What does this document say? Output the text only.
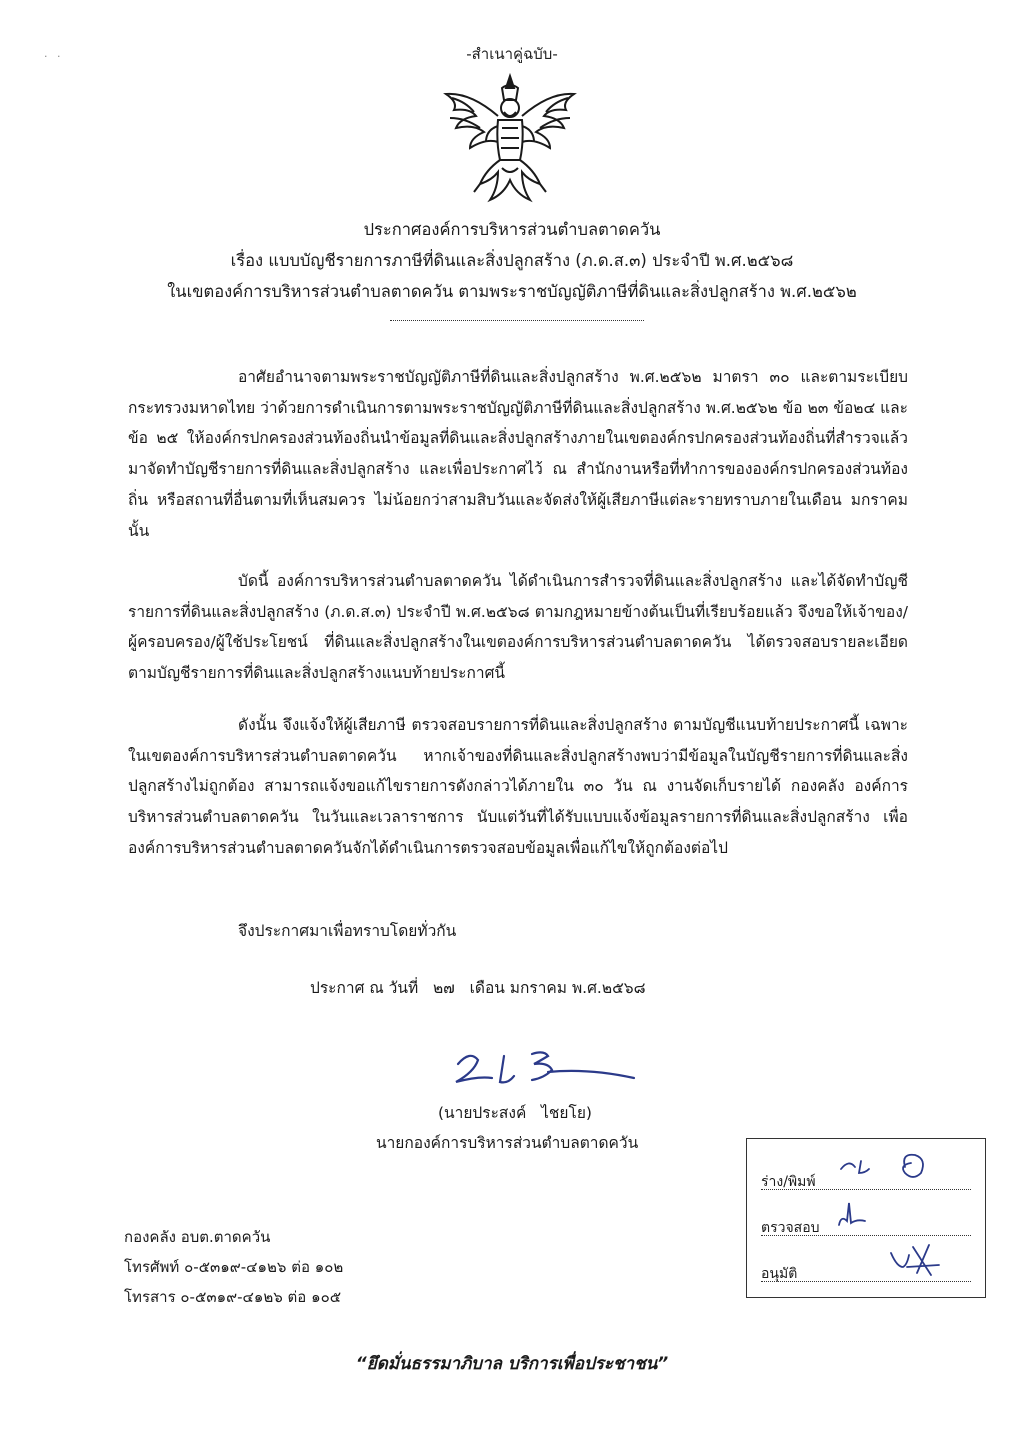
· ·	-สำเนาคู่ฉบับ-
ประกาศองค์การบริหารส่วนตำบลตาดควัน
เรื่อง แบบบัญชีรายการภาษีที่ดินและสิ่งปลูกสร้าง (ภ.ด.ส.๓) ประจำปี พ.ศ.๒๕๖๘
ในเขตองค์การบริหารส่วนตำบลตาดควัน ตามพระราชบัญญัติภาษีที่ดินและสิ่งปลูกสร้าง พ.ศ.๒๕๖๒
อาศัยอำนาจตามพระราชบัญญัติภาษีที่ดินและสิ่งปลูกสร้าง พ.ศ.๒๕๖๒ มาตรา ๓๐ และตามระเบียบกระทรวงมหาดไทย ว่าด้วยการดำเนินการตามพระราชบัญญัติภาษีที่ดินและสิ่งปลูกสร้าง พ.ศ.๒๕๖๒ ข้อ ๒๓ ข้อ๒๔ และข้อ ๒๕ ให้องค์กรปกครองส่วนท้องถิ่นนำข้อมูลที่ดินและสิ่งปลูกสร้างภายในเขตองค์กรปกครองส่วนท้องถิ่นที่สำรวจแล้วมาจัดทำบัญชีรายการที่ดินและสิ่งปลูกสร้าง และเพื่อประกาศไว้ ณ สำนักงานหรือที่ทำการขององค์กรปกครองส่วนท้องถิ่น หรือสถานที่อื่นตามที่เห็นสมควร ไม่น้อยกว่าสามสิบวันและจัดส่งให้ผู้เสียภาษีแต่ละรายทราบภายในเดือน มกราคม นั้น
บัดนี้ องค์การบริหารส่วนตำบลตาดควัน ได้ดำเนินการสำรวจที่ดินและสิ่งปลูกสร้าง และได้จัดทำบัญชีรายการที่ดินและสิ่งปลูกสร้าง (ภ.ด.ส.๓) ประจำปี พ.ศ.๒๕๖๘ ตามกฎหมายข้างต้นเป็นที่เรียบร้อยแล้ว จึงขอให้เจ้าของ/ผู้ครอบครอง/ผู้ใช้ประโยชน์ ที่ดินและสิ่งปลูกสร้างในเขตองค์การบริหารส่วนตำบลตาดควัน ได้ตรวจสอบรายละเอียดตามบัญชีรายการที่ดินและสิ่งปลูกสร้างแนบท้ายประกาศนี้
ดังนั้น จึงแจ้งให้ผู้เสียภาษี ตรวจสอบรายการที่ดินและสิ่งปลูกสร้าง ตามบัญชีแนบท้ายประกาศนี้ เฉพาะในเขตองค์การบริหารส่วนตำบลตาดควัน หากเจ้าของที่ดินและสิ่งปลูกสร้างพบว่ามีข้อมูลในบัญชีรายการที่ดินและสิ่งปลูกสร้างไม่ถูกต้อง สามารถแจ้งขอแก้ไขรายการดังกล่าวได้ภายใน ๓๐ วัน ณ งานจัดเก็บรายได้ กองคลัง องค์การบริหารส่วนตำบลตาดควัน ในวันและเวลาราชการ นับแต่วันที่ได้รับแบบแจ้งข้อมูลรายการที่ดินและสิ่งปลูกสร้าง เพื่อองค์การบริหารส่วนตำบลตาดควันจักได้ดำเนินการตรวจสอบข้อมูลเพื่อแก้ไขให้ถูกต้องต่อไป
จึงประกาศมาเพื่อทราบโดยทั่วกัน
ประกาศ ณ วันที่   ๒๗   เดือน มกราคม พ.ศ.๒๕๖๘
(นายประสงค์   ไชยโย)
นายกองค์การบริหารส่วนตำบลตาดควัน
ร่าง/พิมพ์
ตรวจสอบ
อนุมัติ
กองคลัง อบต.ตาดควัน
โทรศัพท์ ๐-๕๓๑๙-๔๑๒๖ ต่อ ๑๐๒
โทรสาร ๐-๕๓๑๙-๔๑๒๖ ต่อ ๑๐๕
“ยึดมั่นธรรมาภิบาล บริการเพื่อประชาชน”
